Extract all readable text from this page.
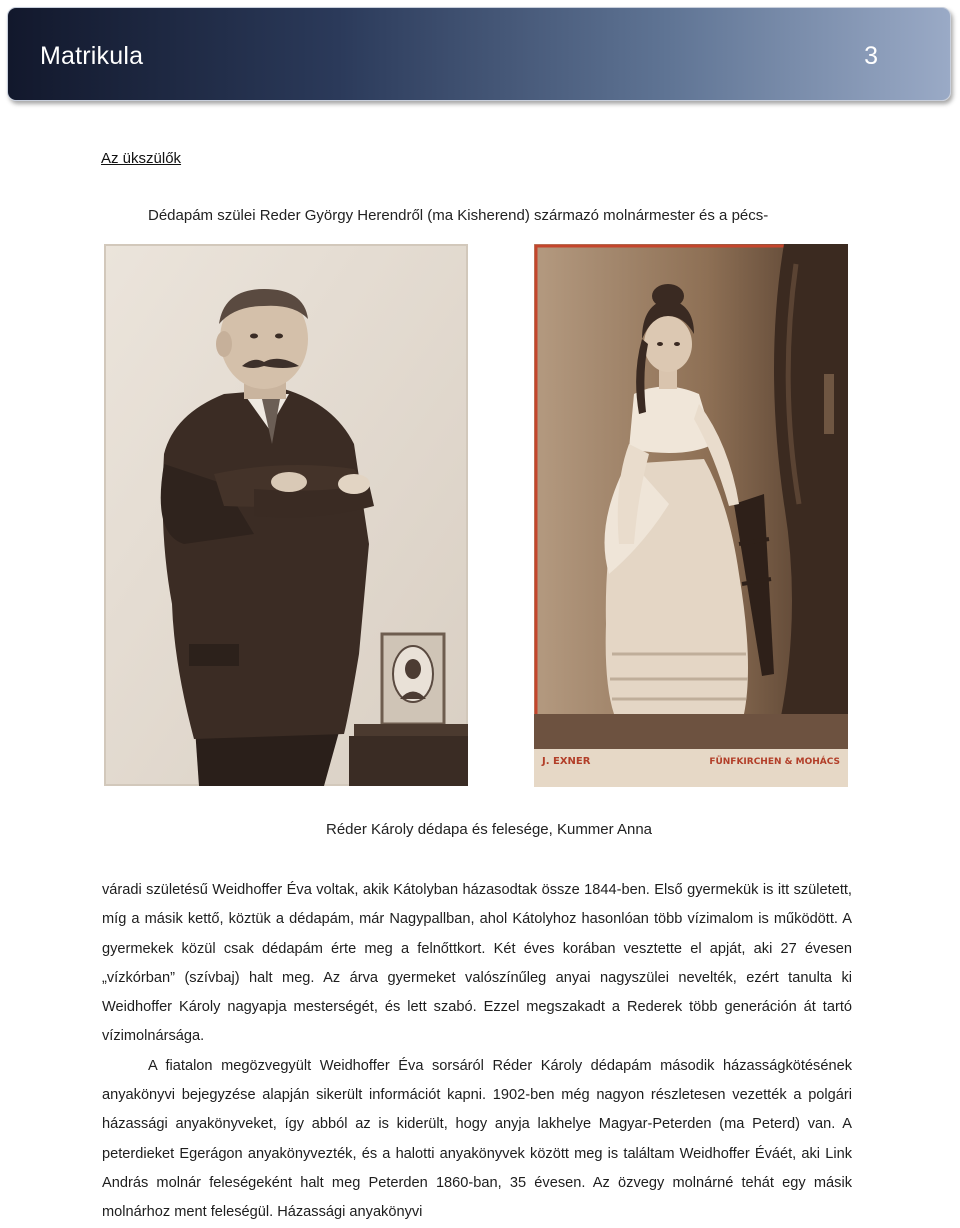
Matrikula	3
Az ükszülők
Dédapám szülei Reder György Herendről (ma Kisherend) származó molnármester és a pécs-
J. EXNER	FÜNFKIRCHEN & MOHÁCS
Réder Károly dédapa és felesége, Kummer Anna

váradi születésű Weidhoffer Éva voltak, akik Kátolyban házasodtak össze 1844-ben. Első gyermekük is itt született, míg a másik kettő, köztük a dédapám, már Nagypallban, ahol Kátolyhoz hasonlóan több vízimalom is működött. A gyermekek közül csak dédapám érte meg a felnőttkort. Két éves korában vesztette el apját, aki 27 évesen „vízkórban” (szívbaj) halt meg. Az árva gyermeket valószínűleg anyai nagyszülei nevelték, ezért tanulta ki Weidhoffer Károly nagyapja mesterségét, és lett szabó. Ezzel megszakadt a Rederek több generáción át tartó vízimolnársága.

A fiatalon megözvegyült Weidhoffer Éva sorsáról Réder Károly dédapám második házasságkötésének anyakönyvi bejegyzése alapján sikerült információt kapni. 1902-ben még nagyon részletesen vezették a polgári házassági anyakönyveket, így abból az is kiderült, hogy anyja lakhelye Magyar-Peterden (ma Peterd) van. A peterdieket Egerágon anyakönyvezték, és a halotti anyakönyvek között meg is találtam Weidhoffer Éváét, aki Link András molnár feleségeként halt meg Peterden 1860-ban, 35 évesen. Az özvegy molnárné tehát egy másik molnárhoz ment feleségül. Házassági anyakönyvi
